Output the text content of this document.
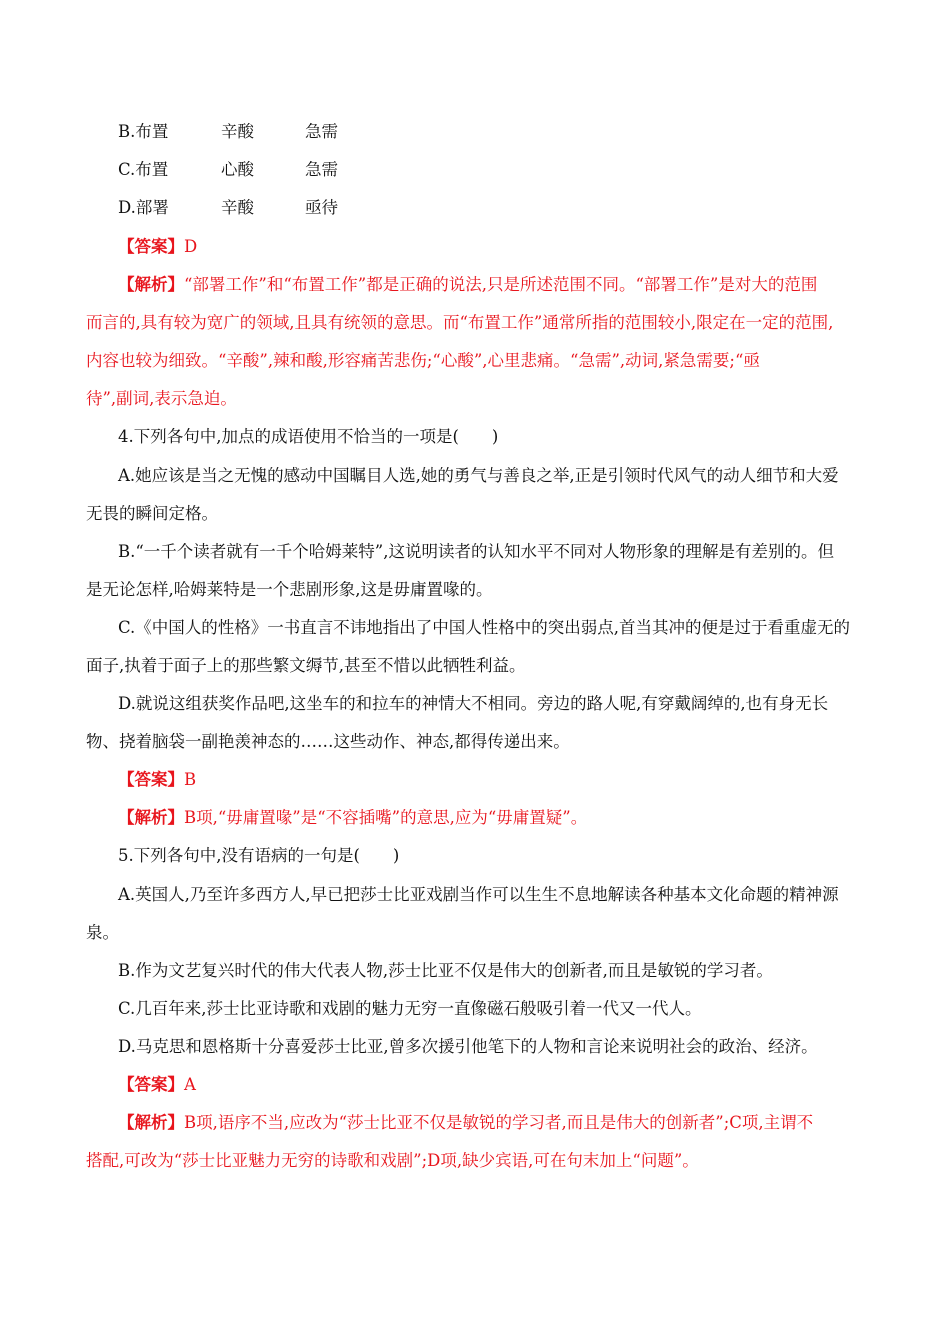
B.布置	辛酸	急需
C.布置	心酸	急需
D.部署	辛酸	亟待
【答案】D
【解析】“部署工作”和“布置工作”都是正确的说法,只是所述范围不同。“部署工作”是对大的范围
而言的,具有较为宽广的领域,且具有统领的意思。而“布置工作”通常所指的范围较小,限定在一定的范围,
内容也较为细致。“辛酸”,辣和酸,形容痛苦悲伤;“心酸”,心里悲痛。“急需”,动词,紧急需要;“亟
待”,副词,表示急迫。
4.下列各句中,加点的成语使用不恰当的一项是(　　)
A.她应该是当之无愧的感动中国瞩目人选,她的勇气与善良之举,正是引领时代风气的动人细节和大爱
无畏的瞬间定格。
B.“一千个读者就有一千个哈姆莱特”,这说明读者的认知水平不同对人物形象的理解是有差别的。但
是无论怎样,哈姆莱特是一个悲剧形象,这是毋庸置喙的。
C.《中国人的性格》一书直言不讳地指出了中国人性格中的突出弱点,首当其冲的便是过于看重虚无的
面子,执着于面子上的那些繁文缛节,甚至不惜以此牺牲利益。
D.就说这组获奖作品吧,这坐车的和拉车的神情大不相同。旁边的路人呢,有穿戴阔绰的,也有身无长
物、挠着脑袋一副艳羡神态的……这些动作、神态,都得传递出来。
【答案】B
【解析】B项,“毋庸置喙”是“不容插嘴”的意思,应为“毋庸置疑”。
5.下列各句中,没有语病的一句是(　　)
A.英国人,乃至许多西方人,早已把莎士比亚戏剧当作可以生生不息地解读各种基本文化命题的精神源
泉。
B.作为文艺复兴时代的伟大代表人物,莎士比亚不仅是伟大的创新者,而且是敏锐的学习者。
C.几百年来,莎士比亚诗歌和戏剧的魅力无穷一直像磁石般吸引着一代又一代人。
D.马克思和恩格斯十分喜爱莎士比亚,曾多次援引他笔下的人物和言论来说明社会的政治、经济。
【答案】A
【解析】B项,语序不当,应改为“莎士比亚不仅是敏锐的学习者,而且是伟大的创新者”;C项,主谓不
搭配,可改为“莎士比亚魅力无穷的诗歌和戏剧”;D项,缺少宾语,可在句末加上“问题”。
